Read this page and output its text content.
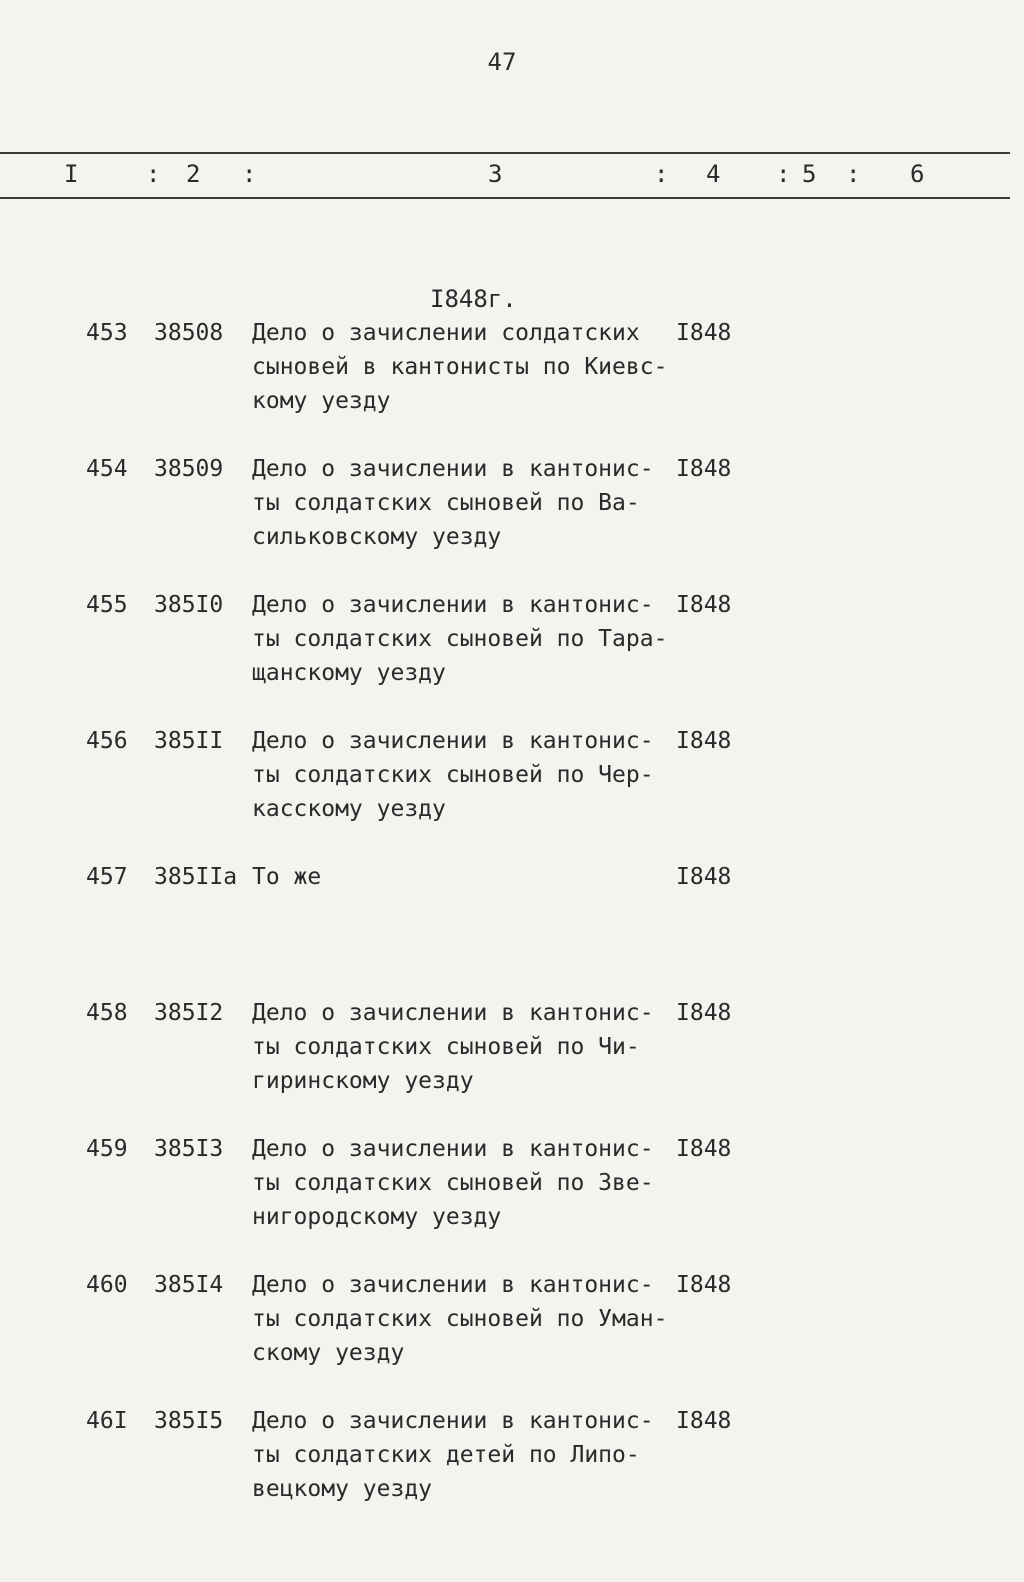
47
I	: 2 :	3	: 4 : 5 : 6
I848г.
453 38508 Дело о зачислении солдатских
сыновей в кантонисты по Киевс-
кому уезду
I848
454 38509 Дело о зачислении в кантонис-
ты солдатских сыновей по Ва-
сильковскому уезду
I848
455 385I0 Дело о зачислении в кантонис-
ты солдатских сыновей по Тара-
щанскому уезду
I848
456 385II Дело о зачислении в кантонис-
ты солдатских сыновей по Чер-
касскому уезду
I848
457 385IIа То же	I848
458 385I2 Дело о зачислении в кантонис-
ты солдатских сыновей по Чи-
гиринскому уезду
I848
459 385I3 Дело о зачислении в кантонис-
ты солдатских сыновей по Зве-
нигородскому уезду
I848
460 385I4 Дело о зачислении в кантонис-
ты солдатских сыновей по Уман-
скому уезду
I848
46I 385I5 Дело о зачислении в кантонис-
ты солдатских детей по Липо-
вецкому уезду
I848
